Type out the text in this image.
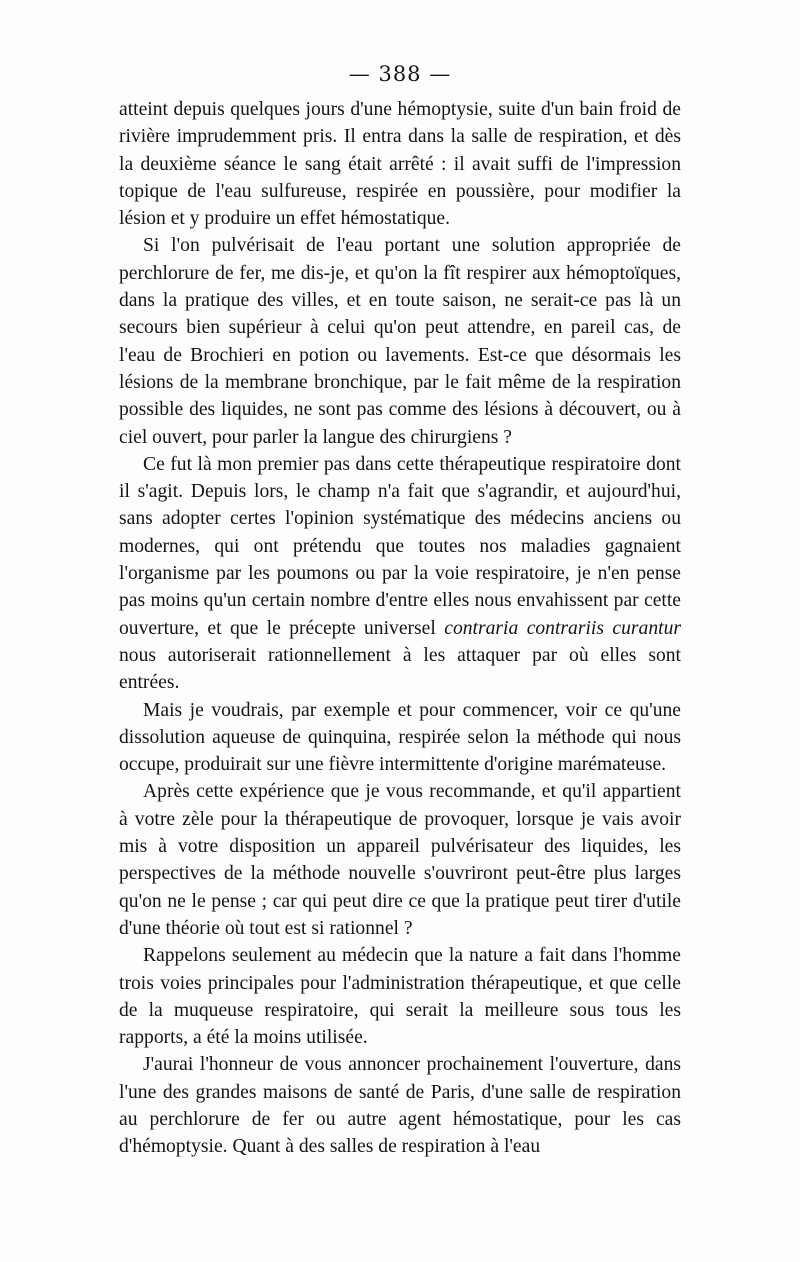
— 388 —

atteint depuis quelques jours d'une hémoptysie, suite d'un bain froid de rivière imprudemment pris. Il entra dans la salle de respiration, et dès la deuxième séance le sang était arrêté : il avait suffi de l'impression topique de l'eau sulfureuse, respirée en poussière, pour modifier la lésion et y produire un effet hémostatique.

Si l'on pulvérisait de l'eau portant une solution appropriée de perchlorure de fer, me dis-je, et qu'on la fît respirer aux hémoptoïques, dans la pratique des villes, et en toute saison, ne serait-ce pas là un secours bien supérieur à celui qu'on peut attendre, en pareil cas, de l'eau de Brochieri en potion ou lavements. Est-ce que désormais les lésions de la membrane bronchique, par le fait même de la respiration possible des liquides, ne sont pas comme des lésions à découvert, ou à ciel ouvert, pour parler la langue des chirurgiens ?

Ce fut là mon premier pas dans cette thérapeutique respiratoire dont il s'agit. Depuis lors, le champ n'a fait que s'agrandir, et aujourd'hui, sans adopter certes l'opinion systématique des médecins anciens ou modernes, qui ont prétendu que toutes nos maladies gagnaient l'organisme par les poumons ou par la voie respiratoire, je n'en pense pas moins qu'un certain nombre d'entre elles nous envahissent par cette ouverture, et que le précepte universel contraria contrariis curantur nous autoriserait rationnellement à les attaquer par où elles sont entrées.

Mais je voudrais, par exemple et pour commencer, voir ce qu'une dissolution aqueuse de quinquina, respirée selon la méthode qui nous occupe, produirait sur une fièvre intermittente d'origine marémateuse.

Après cette expérience que je vous recommande, et qu'il appartient à votre zèle pour la thérapeutique de provoquer, lorsque je vais avoir mis à votre disposition un appareil pulvérisateur des liquides, les perspectives de la méthode nouvelle s'ouvriront peut-être plus larges qu'on ne le pense ; car qui peut dire ce que la pratique peut tirer d'utile d'une théorie où tout est si rationnel ?

Rappelons seulement au médecin que la nature a fait dans l'homme trois voies principales pour l'administration thérapeutique, et que celle de la muqueuse respiratoire, qui serait la meilleure sous tous les rapports, a été la moins utilisée.

J'aurai l'honneur de vous annoncer prochainement l'ouverture, dans l'une des grandes maisons de santé de Paris, d'une salle de respiration au perchlorure de fer ou autre agent hémostatique, pour les cas d'hémoptysie. Quant à des salles de respiration à l'eau
